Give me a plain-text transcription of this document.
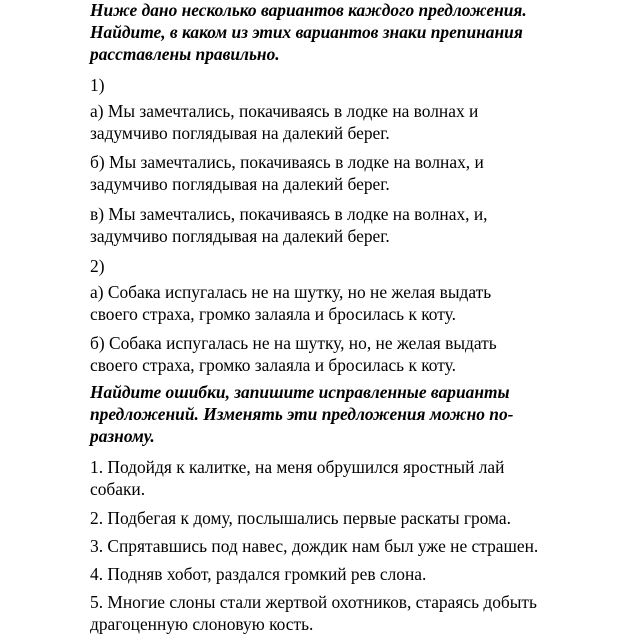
Ниже дано несколько вариантов каждого предложения.

Найдите, в каком из этих вариантов знаки препинания

расставлены правильно.

1)

а) Мы замечтались, покачиваясь в лодке на волнах и

задумчиво поглядывая на далекий берег.

б) Мы замечтались, покачиваясь в лодке на волнах, и

задумчиво поглядывая на далекий берег.

в) Мы замечтались, покачиваясь в лодке на волнах, и,

задумчиво поглядывая на далекий берег.

2)

а) Собака испугалась не на шутку, но не желая выдать

своего страха, громко залаяла и бросилась к коту.

б) Собака испугалась не на шутку, но, не желая выдать

своего страха, громко залаяла и бросилась к коту.

Найдите ошибки, запишите исправленные варианты

предложений. Изменять эти предложения можно по-

разному.

1. Подойдя к калитке, на меня обрушился яростный лай

собаки.

2. Подбегая к дому, послышались первые раскаты грома.

3. Спрятавшись под навес, дождик нам был уже не страшен.

4. Подняв хобот, раздался громкий рев слона.

5. Многие слоны стали жертвой охотников, стараясь добыть

драгоценную слоновую кость.
